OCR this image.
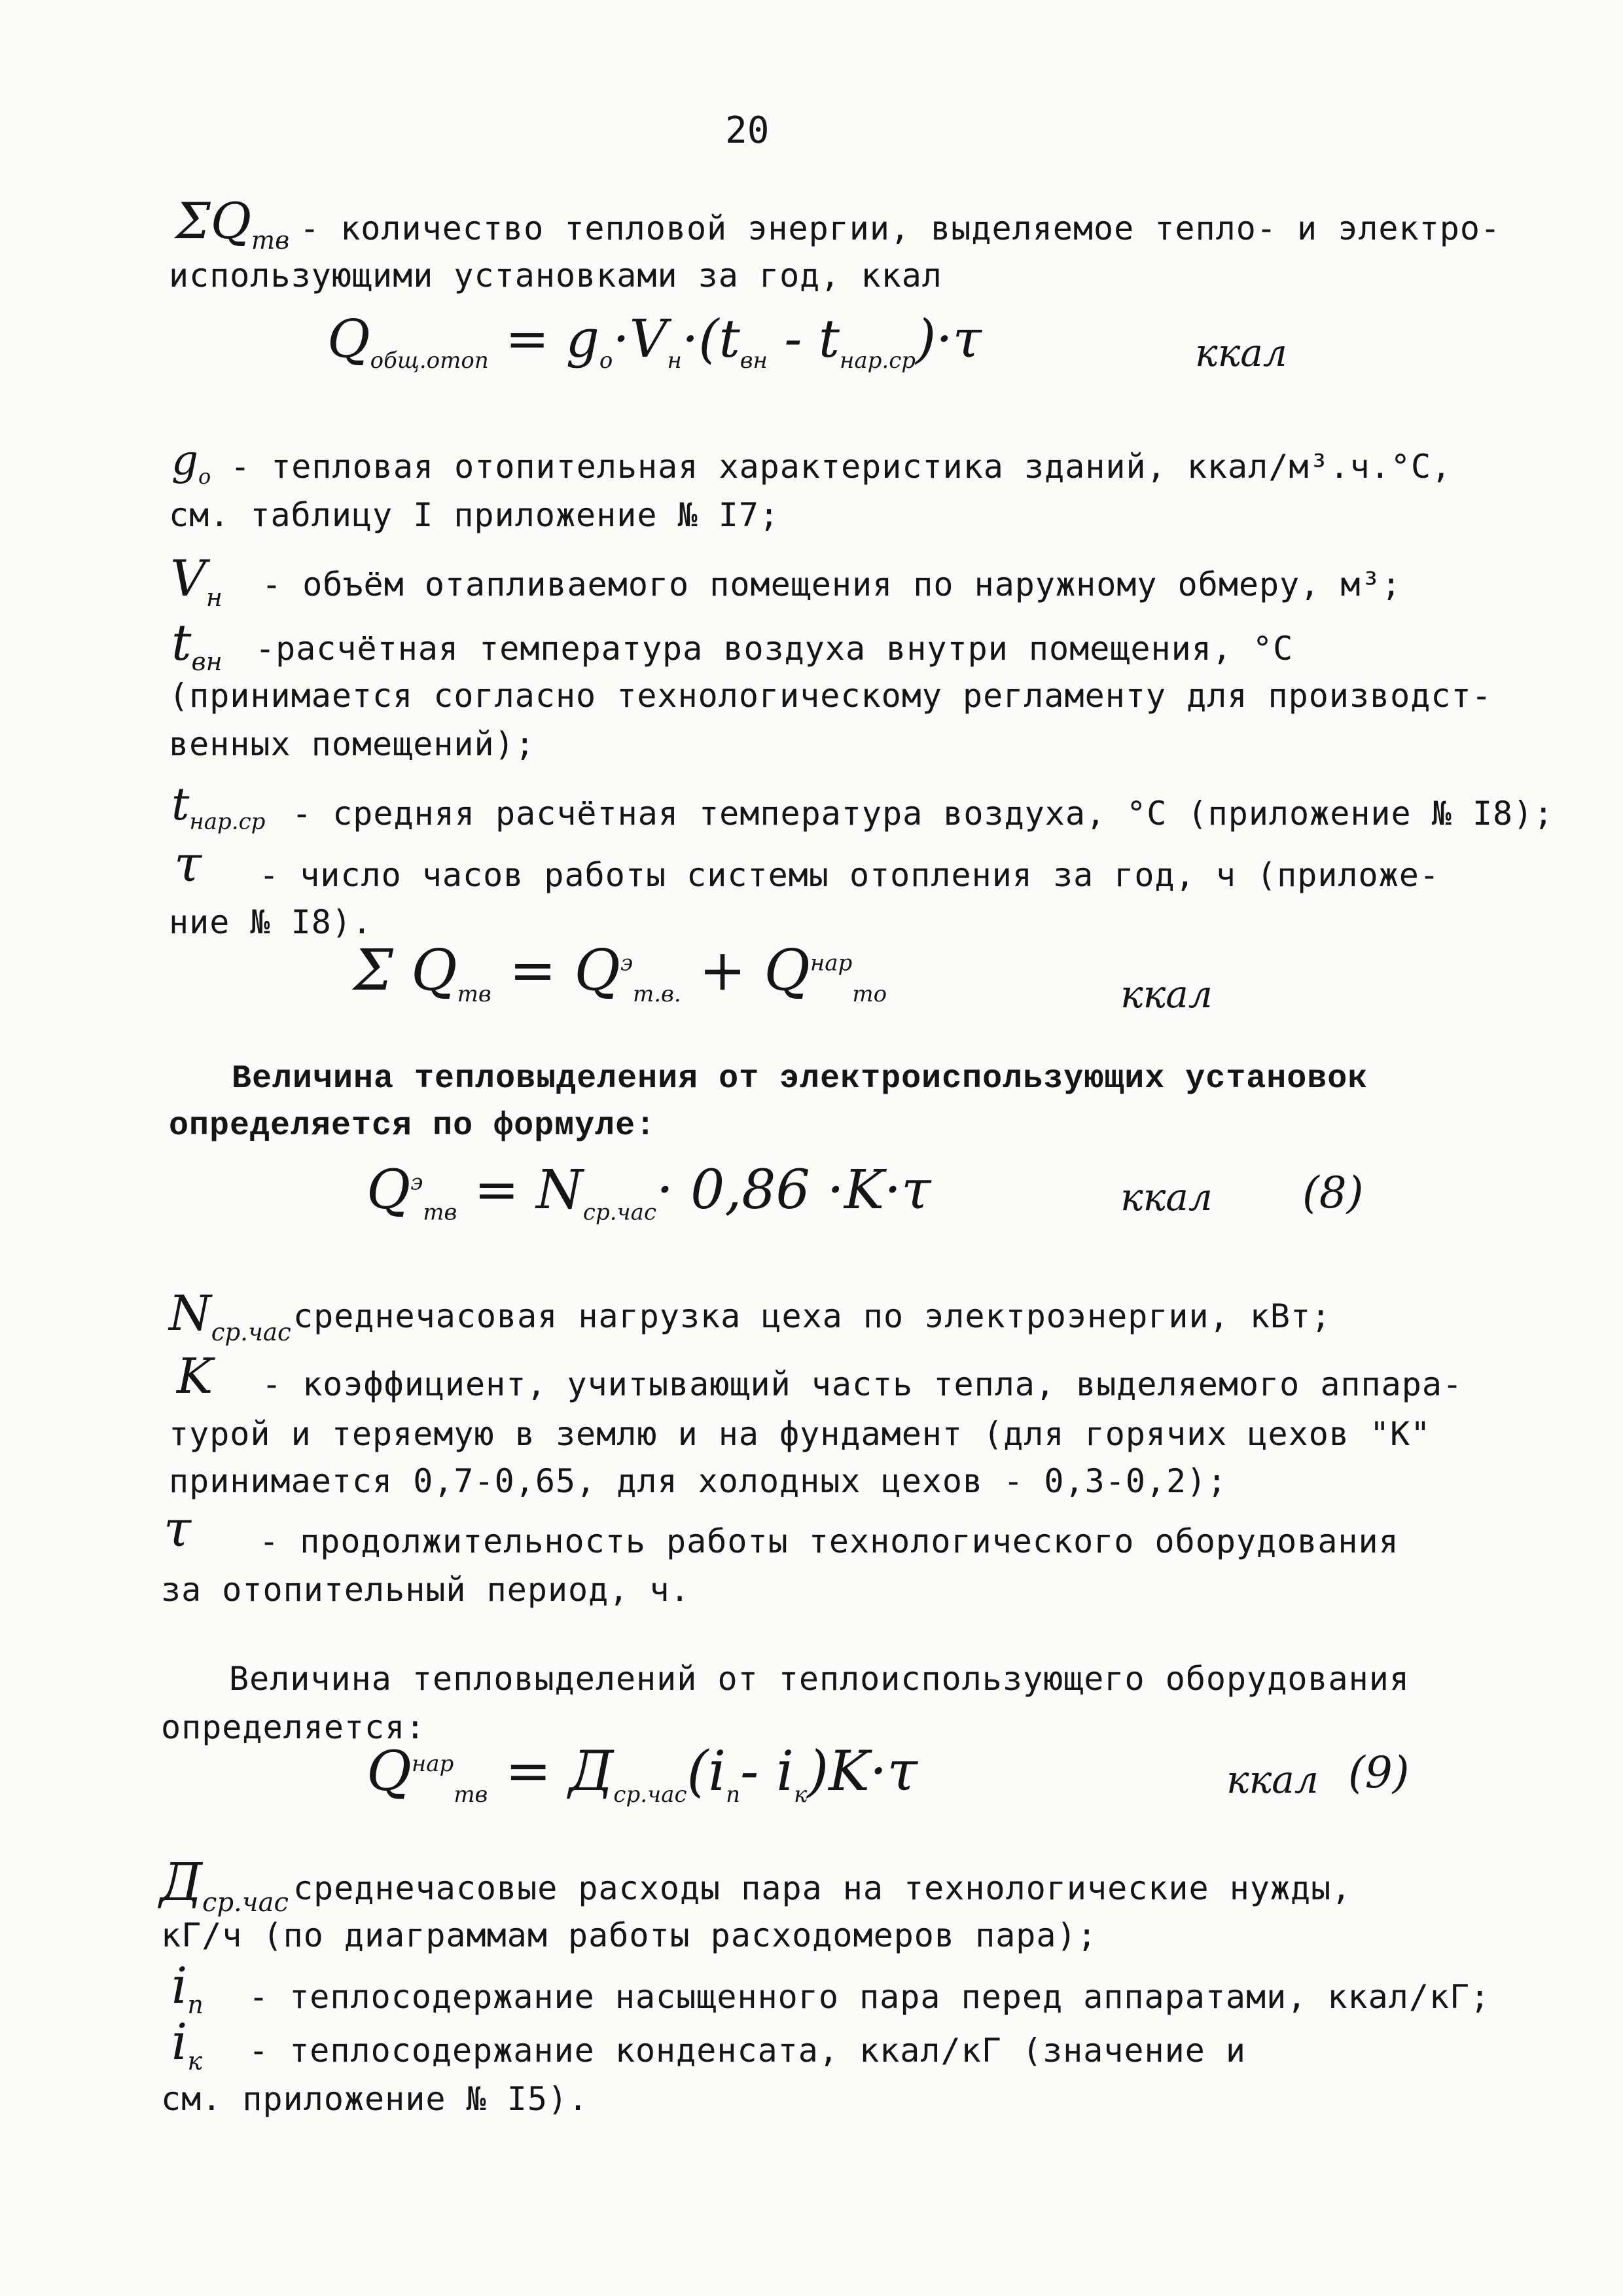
20
$\Sigma Q_{тв}$ - количество тепловой энергии, выделяемое тепло- и электро-
использующими установками за год, ккал
$Q_{общ.отоп} = g_о\cdot V_н\cdot(t_{вн} - t_{нар.ср})\cdot\tau$	ккал
$g_о$ - тепловая отопительная характеристика зданий, ккал/м³.ч.°С,
см. таблицу I приложение № I7;
$V_н$ - объём отапливаемого помещения по наружному обмеру, м³;
$t_{вн}$ -расчётная температура воздуха внутри помещения, °С
(принимается согласно технологическому регламенту для производст-
венных помещений);
$t_{нар.ср}$ - средняя расчётная температура воздуха, °С (приложение № I8);
τ - число часов работы системы отопления за год, ч (приложе-
ние № I8).
Σ $Q_{тв} = Q^э_{т.в.} + Q^{нар}_{то}$	ккал
Величина тепловыделения от электроиспользующих установок
определяется по формуле:
$Q^э_{тв} = N_{ср.час}\cdot 0,86 \cdot K\cdot\tau$	ккал (8)
$N_{ср.час}$ среднечасовая нагрузка цеха по электроэнергии, кВт;
K - коэффициент, учитывающий часть тепла, выделяемого аппара-
турой и теряемую в землю и на фундамент (для горячих цехов "К"
принимается 0,7-0,65, для холодных цехов - 0,3-0,2);
τ - продолжительность работы технологического оборудования
за отопительный период, ч.
Величина тепловыделений от теплоиспользующего оборудования
определяется:
$Q^{нар}_{тв} = Д_{ср.час}(i_п-$ $i_к)K\cdot\tau$	ккал (9)
$Д_{ср.час}$ среднечасовые расходы пара на технологические нужды,
кГ/ч (по диаграммам работы расходомеров пара);
$i_п$ - теплосодержание насыщенного пара перед аппаратами, ккал/кГ;
$i_к$ - теплосодержание конденсата, ккал/кГ (значение и
см. приложение № I5).
